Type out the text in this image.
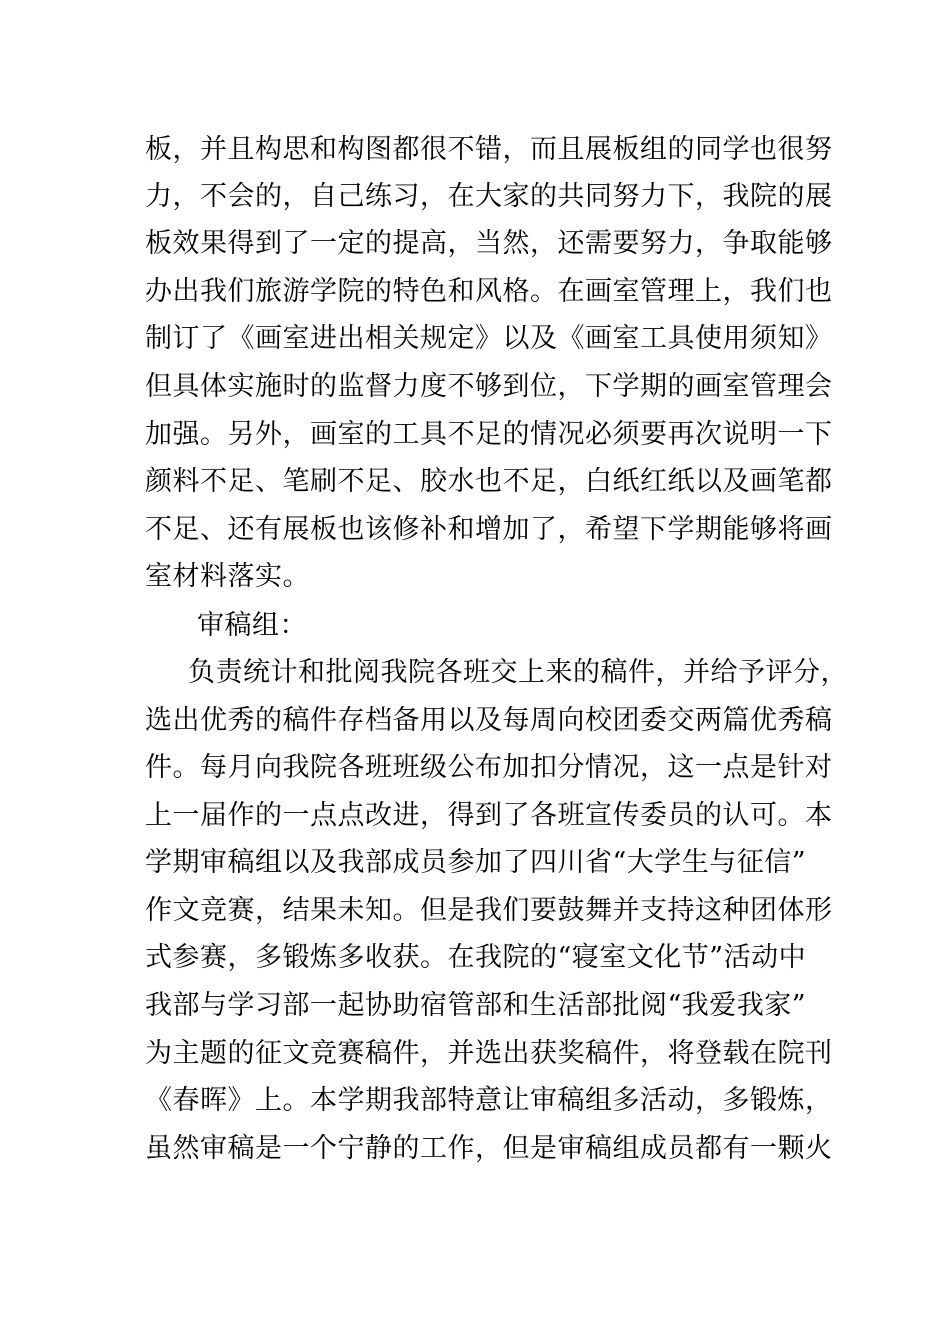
板，并且构思和构图都很不错，而且展板组的同学也很努
力，不会的，自己练习，在大家的共同努力下，我院的展
板效果得到了一定的提高，当然，还需要努力，争取能够
办出我们旅游学院的特色和风格。在画室管理上，我们也
制订了《画室进出相关规定》以及《画室工具使用须知》
但具体实施时的监督力度不够到位，下学期的画室管理会
加强。另外，画室的工具不足的情况必须要再次说明一下
颜料不足、笔刷不足、胶水也不足，白纸红纸以及画笔都
不足、还有展板也该修补和增加了，希望下学期能够将画
室材料落实。
审稿组：
负责统计和批阅我院各班交上来的稿件，并给予评分，
选出优秀的稿件存档备用以及每周向校团委交两篇优秀稿
件。每月向我院各班班级公布加扣分情况，这一点是针对
上一届作的一点点改进，得到了各班宣传委员的认可。本
学期审稿组以及我部成员参加了四川省“大学生与征信”
作文竞赛，结果未知。但是我们要鼓舞并支持这种团体形
式参赛，多锻炼多收获。在我院的“寝室文化节”活动中
我部与学习部一起协助宿管部和生活部批阅“我爱我家”
为主题的征文竞赛稿件，并选出获奖稿件，将登载在院刊
《春晖》上。本学期我部特意让审稿组多活动，多锻炼，
虽然审稿是一个宁静的工作，但是审稿组成员都有一颗火
